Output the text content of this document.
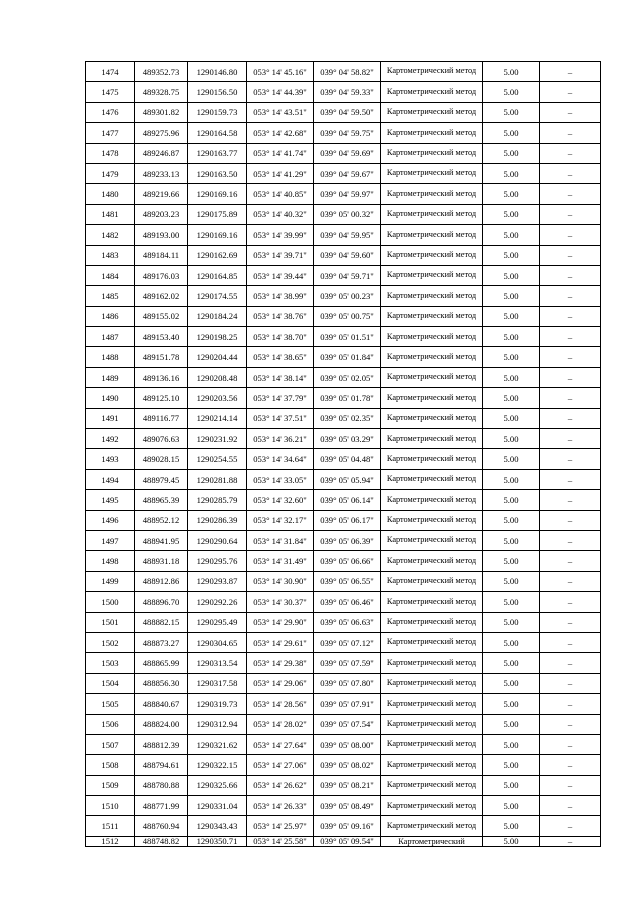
1474	489352.73	1290146.80	053° 14' 45.16"	039° 04' 58.82"	Картометрический метод	5.00	–
1475	489328.75	1290156.50	053° 14' 44.39"	039° 04' 59.33"	Картометрический метод	5.00	–
1476	489301.82	1290159.73	053° 14' 43.51"	039° 04' 59.50"	Картометрический метод	5.00	–
1477	489275.96	1290164.58	053° 14' 42.68"	039° 04' 59.75"	Картометрический метод	5.00	–
1478	489246.87	1290163.77	053° 14' 41.74"	039° 04' 59.69"	Картометрический метод	5.00	–
1479	489233.13	1290163.50	053° 14' 41.29"	039° 04' 59.67"	Картометрический метод	5.00	–
1480	489219.66	1290169.16	053° 14' 40.85"	039° 04' 59.97"	Картометрический метод	5.00	–
1481	489203.23	1290175.89	053° 14' 40.32"	039° 05' 00.32"	Картометрический метод	5.00	–
1482	489193.00	1290169.16	053° 14' 39.99"	039° 04' 59.95"	Картометрический метод	5.00	–
1483	489184.11	1290162.69	053° 14' 39.71"	039° 04' 59.60"	Картометрический метод	5.00	–
1484	489176.03	1290164.85	053° 14' 39.44"	039° 04' 59.71"	Картометрический метод	5.00	–
1485	489162.02	1290174.55	053° 14' 38.99"	039° 05' 00.23"	Картометрический метод	5.00	–
1486	489155.02	1290184.24	053° 14' 38.76"	039° 05' 00.75"	Картометрический метод	5.00	–
1487	489153.40	1290198.25	053° 14' 38.70"	039° 05' 01.51"	Картометрический метод	5.00	–
1488	489151.78	1290204.44	053° 14' 38.65"	039° 05' 01.84"	Картометрический метод	5.00	–
1489	489136.16	1290208.48	053° 14' 38.14"	039° 05' 02.05"	Картометрический метод	5.00	–
1490	489125.10	1290203.56	053° 14' 37.79"	039° 05' 01.78"	Картометрический метод	5.00	–
1491	489116.77	1290214.14	053° 14' 37.51"	039° 05' 02.35"	Картометрический метод	5.00	–
1492	489076.63	1290231.92	053° 14' 36.21"	039° 05' 03.29"	Картометрический метод	5.00	–
1493	489028.15	1290254.55	053° 14' 34.64"	039° 05' 04.48"	Картометрический метод	5.00	–
1494	488979.45	1290281.88	053° 14' 33.05"	039° 05' 05.94"	Картометрический метод	5.00	–
1495	488965.39	1290285.79	053° 14' 32.60"	039° 05' 06.14"	Картометрический метод	5.00	–
1496	488952.12	1290286.39	053° 14' 32.17"	039° 05' 06.17"	Картометрический метод	5.00	–
1497	488941.95	1290290.64	053° 14' 31.84"	039° 05' 06.39"	Картометрический метод	5.00	–
1498	488931.18	1290295.76	053° 14' 31.49"	039° 05' 06.66"	Картометрический метод	5.00	–
1499	488912.86	1290293.87	053° 14' 30.90"	039° 05' 06.55"	Картометрический метод	5.00	–
1500	488896.70	1290292.26	053° 14' 30.37"	039° 05' 06.46"	Картометрический метод	5.00	–
1501	488882.15	1290295.49	053° 14' 29.90"	039° 05' 06.63"	Картометрический метод	5.00	–
1502	488873.27	1290304.65	053° 14' 29.61"	039° 05' 07.12"	Картометрический метод	5.00	–
1503	488865.99	1290313.54	053° 14' 29.38"	039° 05' 07.59"	Картометрический метод	5.00	–
1504	488856.30	1290317.58	053° 14' 29.06"	039° 05' 07.80"	Картометрический метод	5.00	–
1505	488840.67	1290319.73	053° 14' 28.56"	039° 05' 07.91"	Картометрический метод	5.00	–
1506	488824.00	1290312.94	053° 14' 28.02"	039° 05' 07.54"	Картометрический метод	5.00	–
1507	488812.39	1290321.62	053° 14' 27.64"	039° 05' 08.00"	Картометрический метод	5.00	–
1508	488794.61	1290322.15	053° 14' 27.06"	039° 05' 08.02"	Картометрический метод	5.00	–
1509	488780.88	1290325.66	053° 14' 26.62"	039° 05' 08.21"	Картометрический метод	5.00	–
1510	488771.99	1290331.04	053° 14' 26.33"	039° 05' 08.49"	Картометрический метод	5.00	–
1511	488760.94	1290343.43	053° 14' 25.97"	039° 05' 09.16"	Картометрический метод	5.00	–
1512	488748.82	1290350.71	053° 14' 25.58"	039° 05' 09.54"	Картометрический	5.00	–
